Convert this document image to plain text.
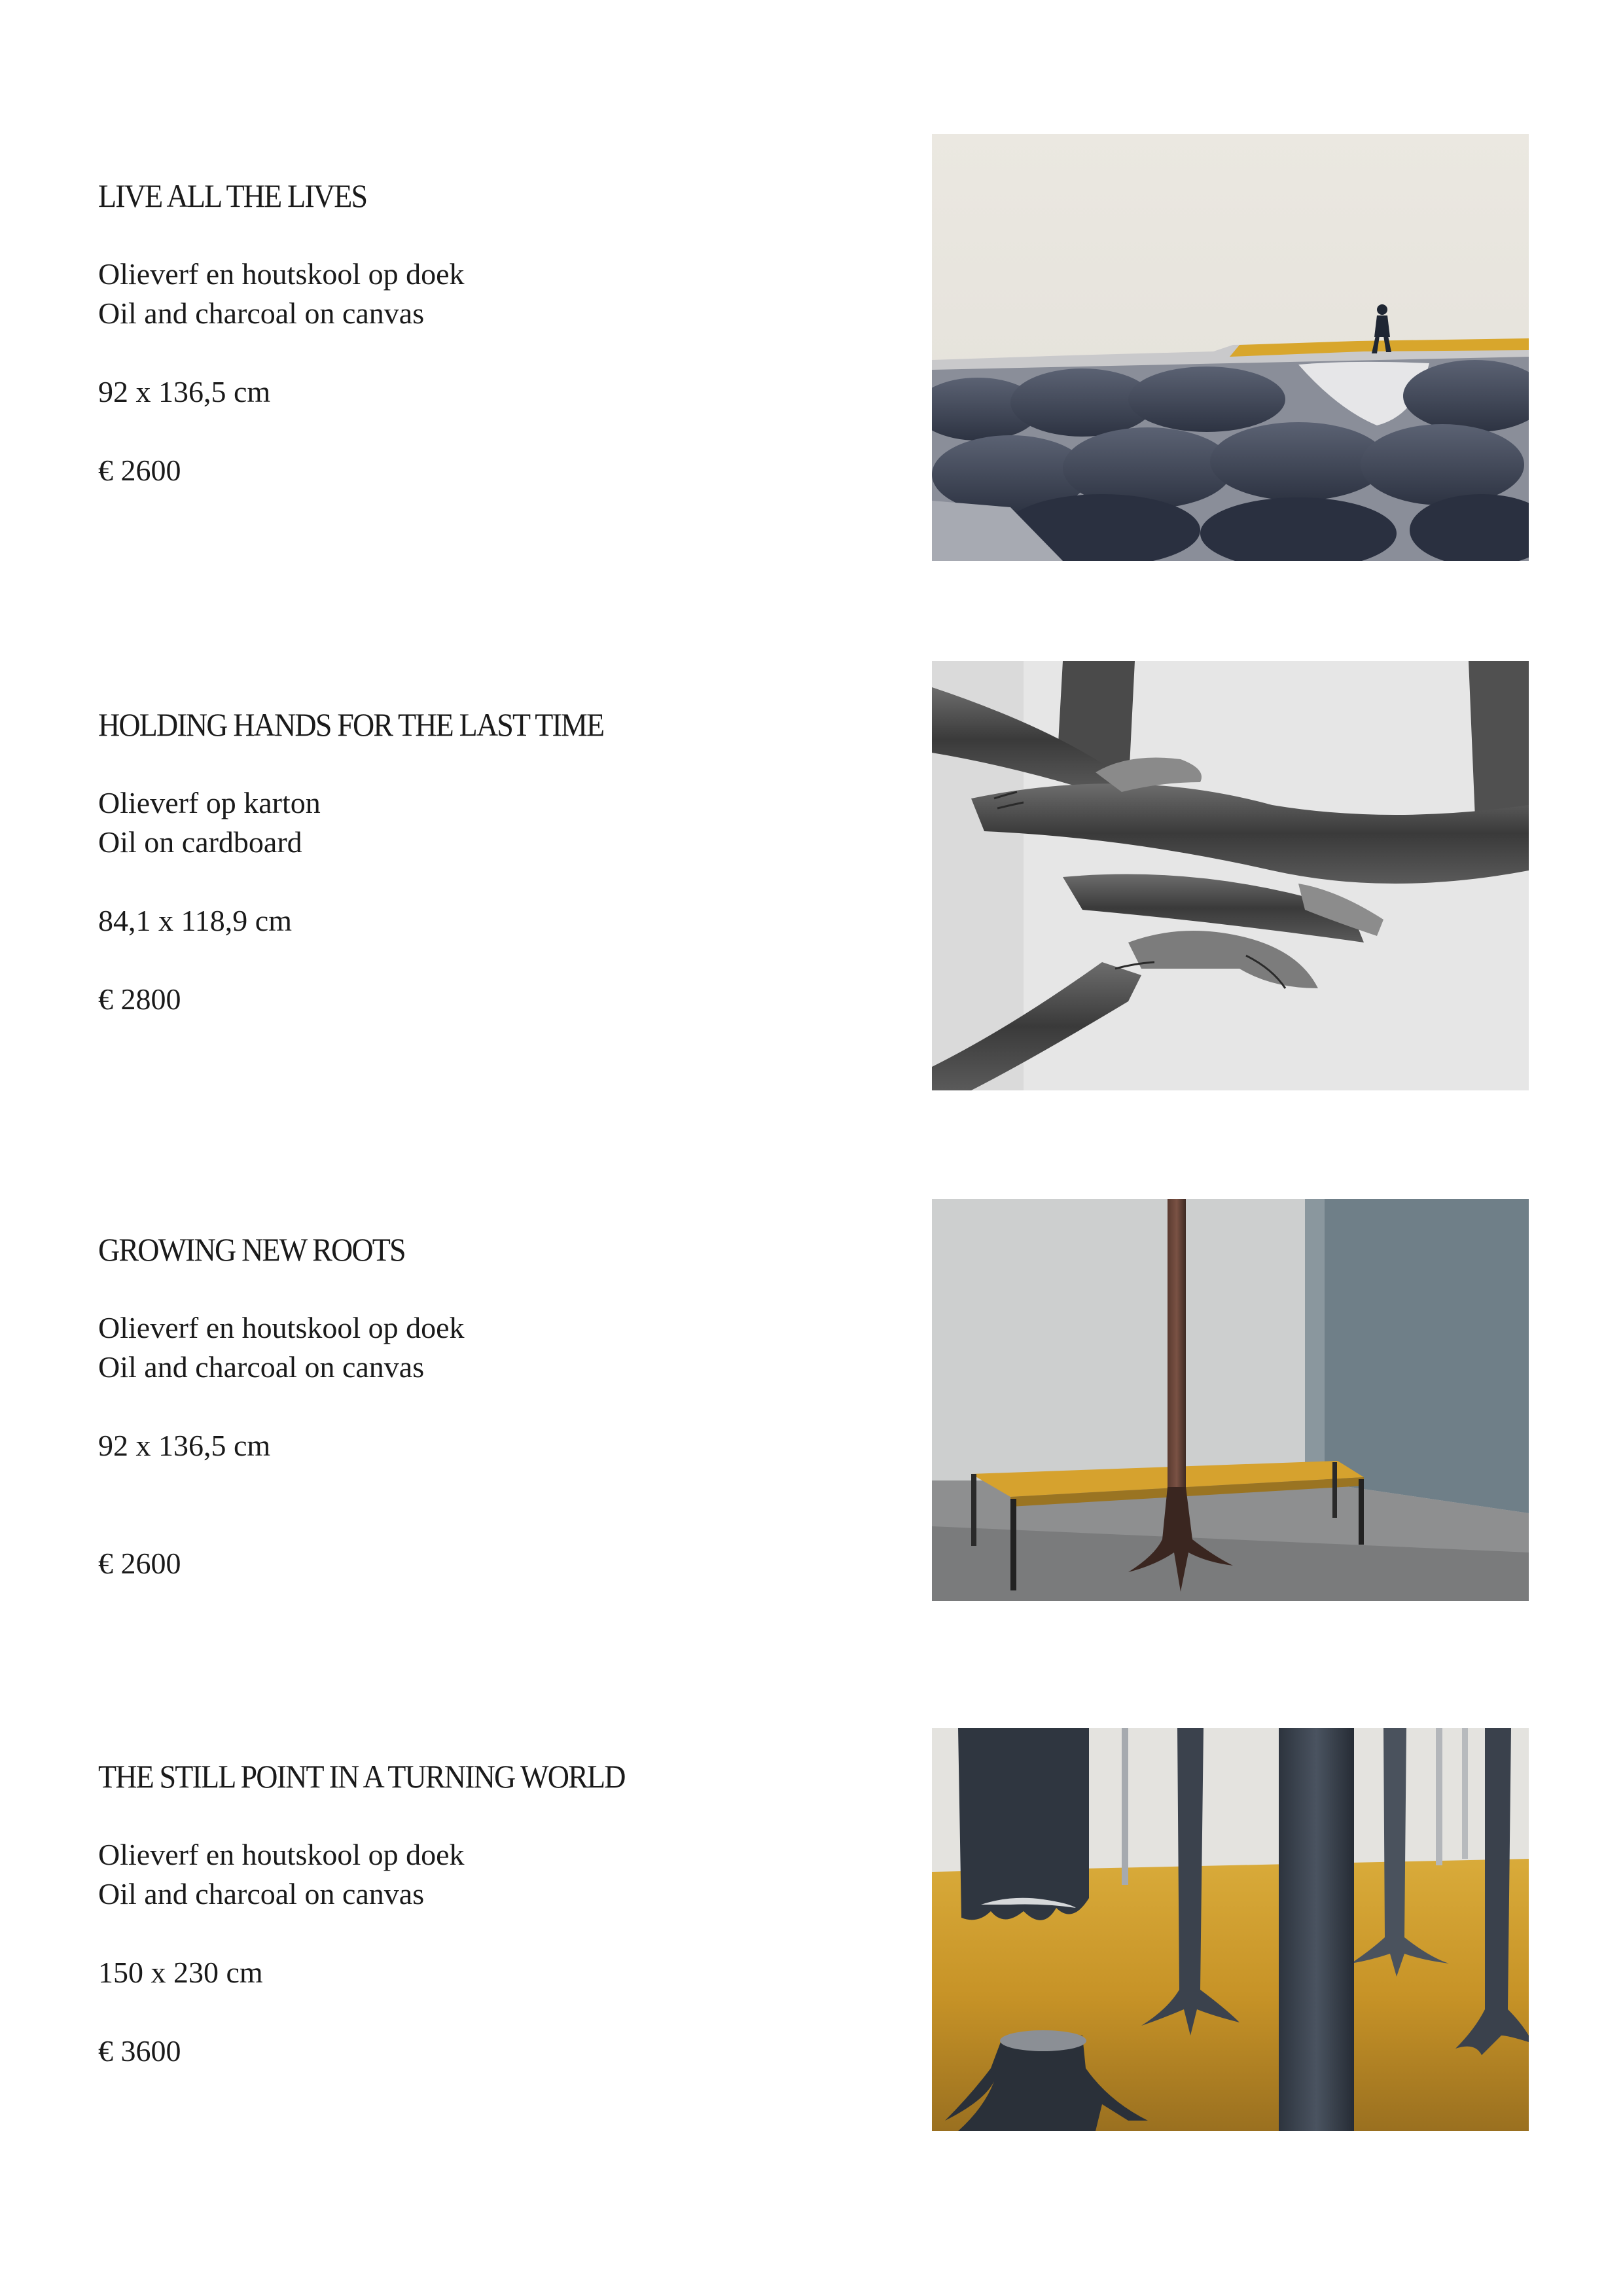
LIVE ALL THE LIVES

Olieverf en houtskool op doek

Oil and charcoal on canvas

92 x 136,5 cm

€ 2600

HOLDING HANDS FOR THE LAST TIME

Olieverf op karton

Oil on cardboard

84,1 x 118,9 cm

€ 2800

GROWING NEW ROOTS

Olieverf en houtskool op doek

Oil and charcoal on canvas

92 x 136,5 cm

€ 2600

THE STILL POINT IN A TURNING WORLD

Olieverf en houtskool op doek

Oil and charcoal on canvas

150 x 230 cm

€ 3600
